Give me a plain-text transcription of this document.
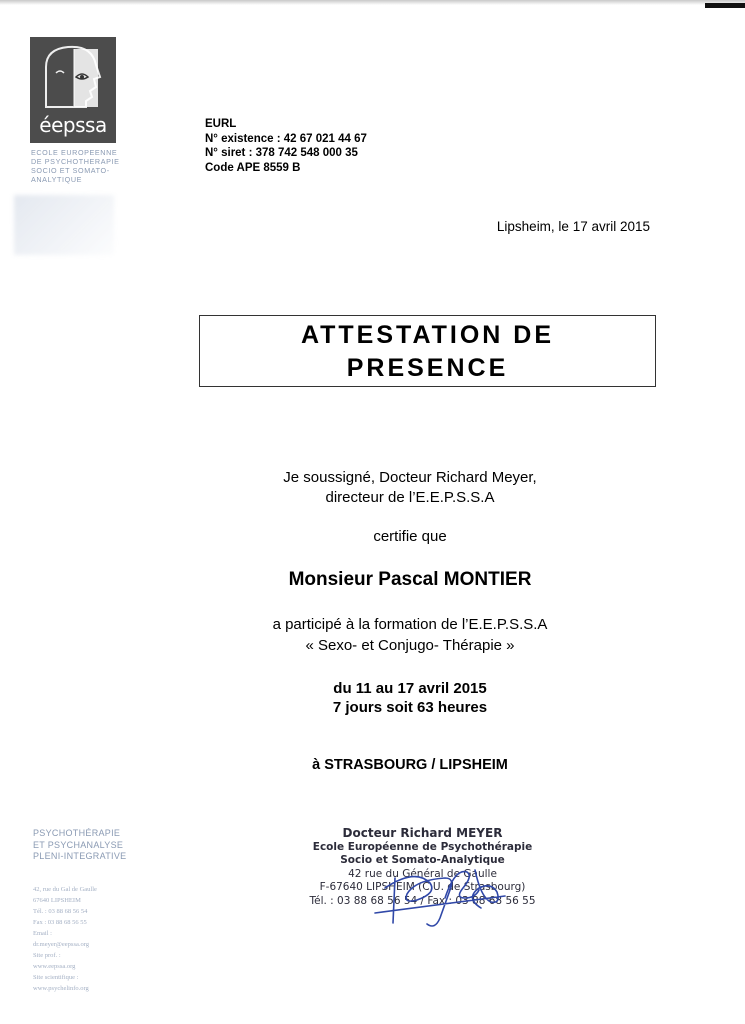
éepssa
ECOLE EUROPEENNE
DE PSYCHOTHERAPIE
SOCIO ET SOMATO-
ANALYTIQUE
EURL
N° existence : 42 67 021 44 67
N° siret : 378 742 548 000 35
Code APE 8559 B
Lipsheim, le 17 avril 2015
ATTESTATION DE
PRESENCE
Je soussigné, Docteur Richard Meyer,
directeur de l’E.E.P.S.S.A
certifie que
Monsieur Pascal MONTIER
a participé à la formation de l’E.E.P.S.S.A
« Sexo- et Conjugo- Thérapie »
du 11 au 17 avril 2015
7 jours soit 63 heures
à STRASBOURG / LIPSHEIM
Docteur Richard MEYER
Ecole Européenne de Psychothérapie
Socio et Somato-Analytique
42 rue du Général de Gaulle
F-67640 LIPSHEIM (C.U. de Strasbourg)
Tél. : 03 88 68 56 54 / Fax : 03 88 68 56 55
PSYCHOTHÉRAPIE
ET PSYCHANALYSE
PLENI-INTEGRATIVE
42, rue du Gal de Gaulle
67640 LIPSHEIM
Tél. : 03 88 68 56 54
Fax : 03 88 68 56 55
Email :
dr.meyer@eepssa.org
Site prof. :
www.eepssa.org
Site scientifique :
www.psychelinfo.org
